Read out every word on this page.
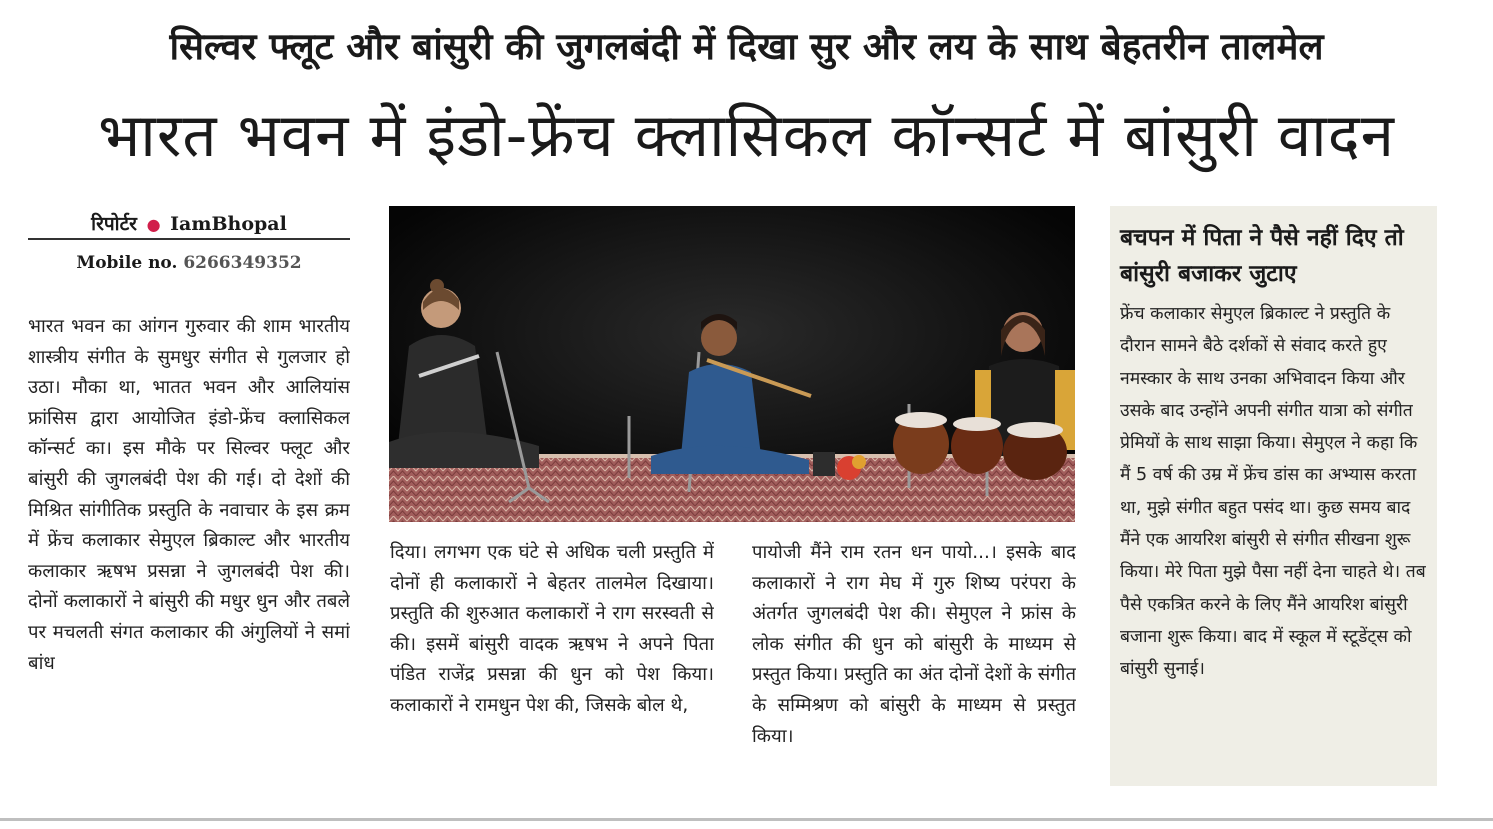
सिल्वर फ्लूट और बांसुरी की जुगलबंदी में दिखा सुर और लय के साथ बेहतरीन तालमेल
भारत भवन में इंडो-फ्रेंच क्लासिकल कॉन्सर्ट में बांसुरी वादन
रिपोर्टर ● IamBhopal
Mobile no. 6266349352
भारत भवन का आंगन गुरुवार की शाम भारतीय शास्त्रीय संगीत के सुमधुर संगीत से गुलजार हो उठा। मौका था, भातत भवन और आलियांस फ्रांसिस द्वारा आयोजित इंडो-फ्रेंच क्लासिकल कॉन्सर्ट का। इस मौके पर सिल्वर फ्लूट और बांसुरी की जुगलबंदी पेश की गई। दो देशों की मिश्रित सांगीतिक प्रस्तुति के नवाचार के इस क्रम में फ्रेंच कलाकार सेमुएल ब्रिकाल्ट और भारतीय कलाकार ऋषभ प्रसन्ना ने जुगलबंदी पेश की। दोनों कलाकारों ने बांसुरी की मधुर धुन और तबले पर मचलती संगत कलाकार की अंगुलियों ने समां बांध
दिया। लगभग एक घंटे से अधिक चली प्रस्तुति में दोनों ही कलाकारों ने बेहतर तालमेल दिखाया। प्रस्तुति की शुरुआत कलाकारों ने राग सरस्वती से की। इसमें बांसुरी वादक ऋषभ ने अपने पिता पंडित राजेंद्र प्रसन्ना की धुन को पेश किया। कलाकारों ने रामधुन पेश की, जिसके बोल थे,
पायोजी मैंने राम रतन धन पायो...। इसके बाद कलाकारों ने राग मेघ में गुरु शिष्य परंपरा के अंतर्गत जुगलबंदी पेश की। सेमुएल ने फ्रांस के लोक संगीत की धुन को बांसुरी के माध्यम से प्रस्तुत किया। प्रस्तुति का अंत दोनों देशों के संगीत के सम्मिश्रण को बांसुरी के माध्यम से प्रस्तुत किया।
बचपन में पिता ने पैसे नहीं दिए तो बांसुरी बजाकर जुटाए
फ्रेंच कलाकार सेमुएल ब्रिकाल्ट ने प्रस्तुति के दौरान सामने बैठे दर्शकों से संवाद करते हुए नमस्कार के साथ उनका अभिवादन किया और उसके बाद उन्होंने अपनी संगीत यात्रा को संगीत प्रेमियों के साथ साझा किया। सेमुएल ने कहा कि मैं 5 वर्ष की उम्र में फ्रेंच डांस का अभ्यास करता था, मुझे संगीत बहुत पसंद था। कुछ समय बाद मैंने एक आयरिश बांसुरी से संगीत सीखना शुरू किया। मेरे पिता मुझे पैसा नहीं देना चाहते थे। तब पैसे एकत्रित करने के लिए मैंने आयरिश बांसुरी बजाना शुरू किया। बाद में स्कूल में स्टूडेंट्स को बांसुरी सुनाई।
